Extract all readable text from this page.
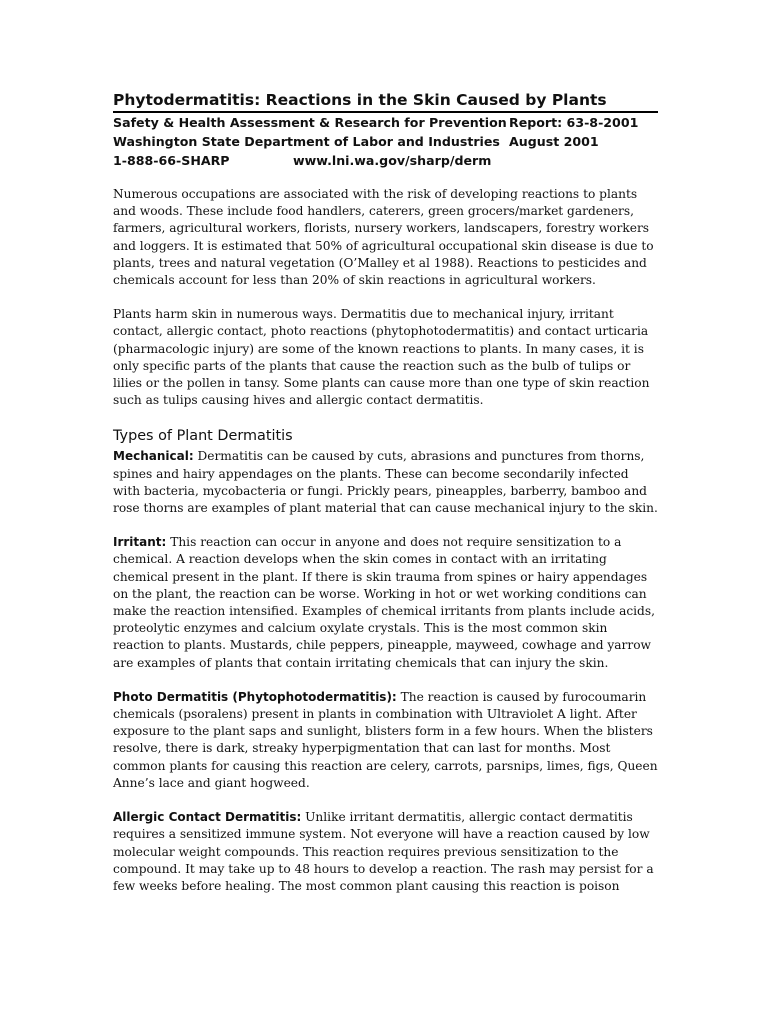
Phytodermatitis: Reactions in the Skin Caused by Plants
Safety & Health Assessment & Research for Prevention Report: 63-8-2001
Washington State Department of Labor and Industries August 2001
1-888-66-SHARP	www.lni.wa.gov/sharp/derm

Numerous occupations are associated with the risk of developing reactions to plants and woods. These include food handlers, caterers, green grocers/market gardeners, farmers, agricultural workers, florists, nursery workers, landscapers, forestry workers and loggers. It is estimated that 50% of agricultural occupational skin disease is due to plants, trees and natural vegetation (O’Malley et al 1988). Reactions to pesticides and chemicals account for less than 20% of skin reactions in agricultural workers.

Plants harm skin in numerous ways. Dermatitis due to mechanical injury, irritant contact, allergic contact, photo reactions (phytophotodermatitis) and contact urticaria (pharmacologic injury) are some of the known reactions to plants. In many cases, it is only specific parts of the plants that cause the reaction such as the bulb of tulips or lilies or the pollen in tansy. Some plants can cause more than one type of skin reaction such as tulips causing hives and allergic contact dermatitis.

Types of Plant Dermatitis

Mechanical: Dermatitis can be caused by cuts, abrasions and punctures from thorns, spines and hairy appendages on the plants. These can become secondarily infected with bacteria, mycobacteria or fungi. Prickly pears, pineapples, barberry, bamboo and rose thorns are examples of plant material that can cause mechanical injury to the skin.

Irritant: This reaction can occur in anyone and does not require sensitization to a chemical. A reaction develops when the skin comes in contact with an irritating chemical present in the plant. If there is skin trauma from spines or hairy appendages on the plant, the reaction can be worse. Working in hot or wet working conditions can make the reaction intensified. Examples of chemical irritants from plants include acids, proteolytic enzymes and calcium oxylate crystals. This is the most common skin reaction to plants. Mustards, chile peppers, pineapple, mayweed, cowhage and yarrow are examples of plants that contain irritating chemicals that can injury the skin.

Photo Dermatitis (Phytophotodermatitis): The reaction is caused by furocoumarin chemicals (psoralens) present in plants in combination with Ultraviolet A light. After exposure to the plant saps and sunlight, blisters form in a few hours. When the blisters resolve, there is dark, streaky hyperpigmentation that can last for months. Most common plants for causing this reaction are celery, carrots, parsnips, limes, figs, Queen Anne’s lace and giant hogweed.

Allergic Contact Dermatitis: Unlike irritant dermatitis, allergic contact dermatitis requires a sensitized immune system. Not everyone will have a reaction caused by low molecular weight compounds. This reaction requires previous sensitization to the compound. It may take up to 48 hours to develop a reaction. The rash may persist for a few weeks before healing. The most common plant causing this reaction is poison
